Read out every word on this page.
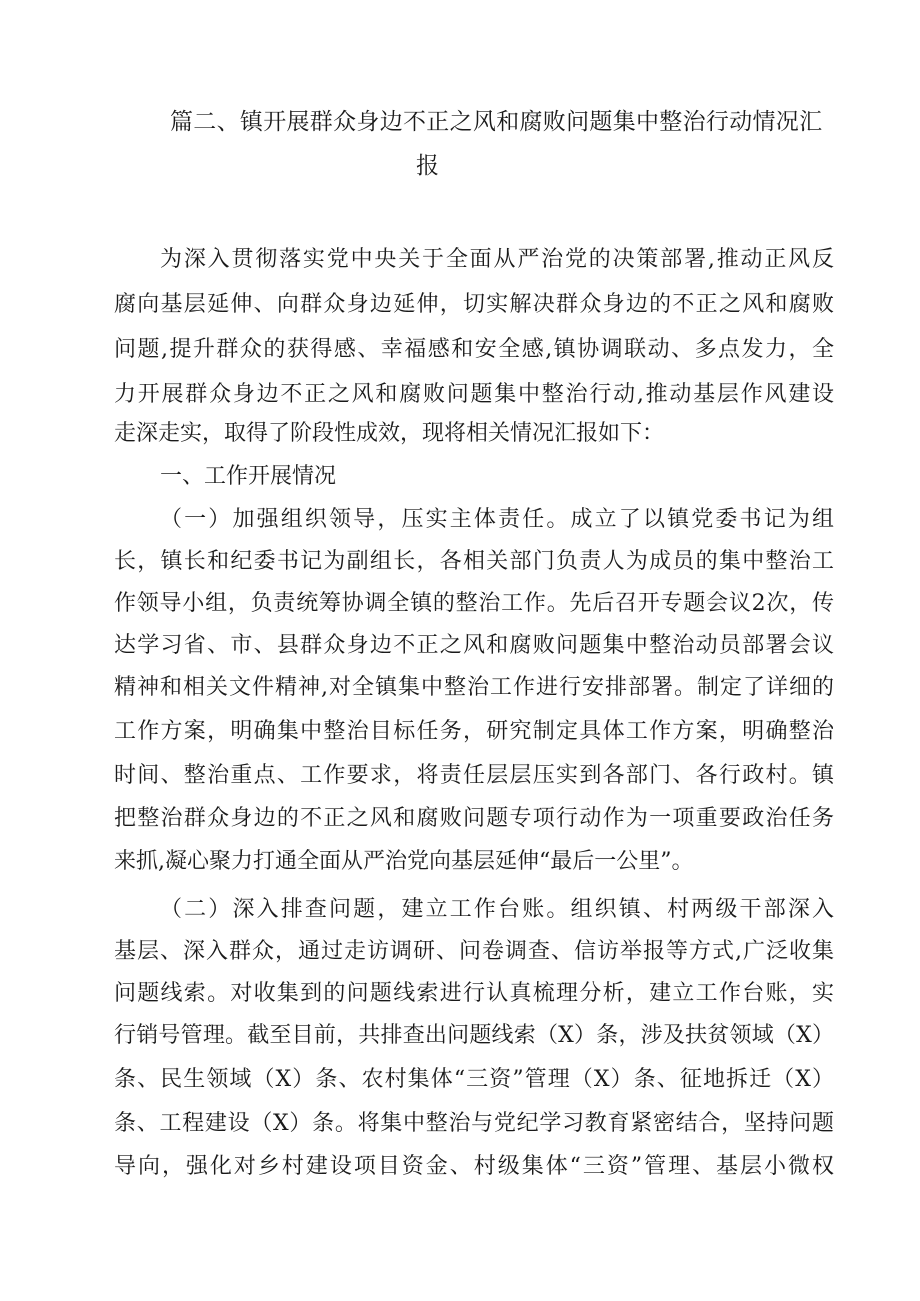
篇二、镇开展群众身边不正之风和腐败问题集中整治行动情况汇
报
为深入贯彻落实党中央关于全面从严治党的决策部署,推动正风反
腐向基层延伸、向群众身边延伸，切实解决群众身边的不正之风和腐败
问题,提升群众的获得感、幸福感和安全感,镇协调联动、多点发力，全
力开展群众身边不正之风和腐败问题集中整治行动,推动基层作风建设
走深走实，取得了阶段性成效，现将相关情况汇报如下：
一、工作开展情况
（一）加强组织领导，压实主体责任。成立了以镇党委书记为组
长，镇长和纪委书记为副组长，各相关部门负责人为成员的集中整治工
作领导小组，负责统筹协调全镇的整治工作。先后召开专题会议2次，传
达学习省、市、县群众身边不正之风和腐败问题集中整治动员部署会议
精神和相关文件精神,对全镇集中整治工作进行安排部署。制定了详细的
工作方案，明确集中整治目标任务，研究制定具体工作方案，明确整治
时间、整治重点、工作要求，将责任层层压实到各部门、各行政村。镇
把整治群众身边的不正之风和腐败问题专项行动作为一项重要政治任务
来抓,凝心聚力打通全面从严治党向基层延伸“最后一公里”。
（二）深入排查问题，建立工作台账。组织镇、村两级干部深入
基层、深入群众，通过走访调研、问卷调查、信访举报等方式,广泛收集
问题线索。对收集到的问题线索进行认真梳理分析，建立工作台账，实
行销号管理。截至目前，共排查出问题线索（X）条，涉及扶贫领域（X）
条、民生领域（X）条、农村集体“三资”管理（X）条、征地拆迁（X）
条、工程建设（X）条。将集中整治与党纪学习教育紧密结合，坚持问题
导向，强化对乡村建设项目资金、村级集体“三资”管理、基层小微权
